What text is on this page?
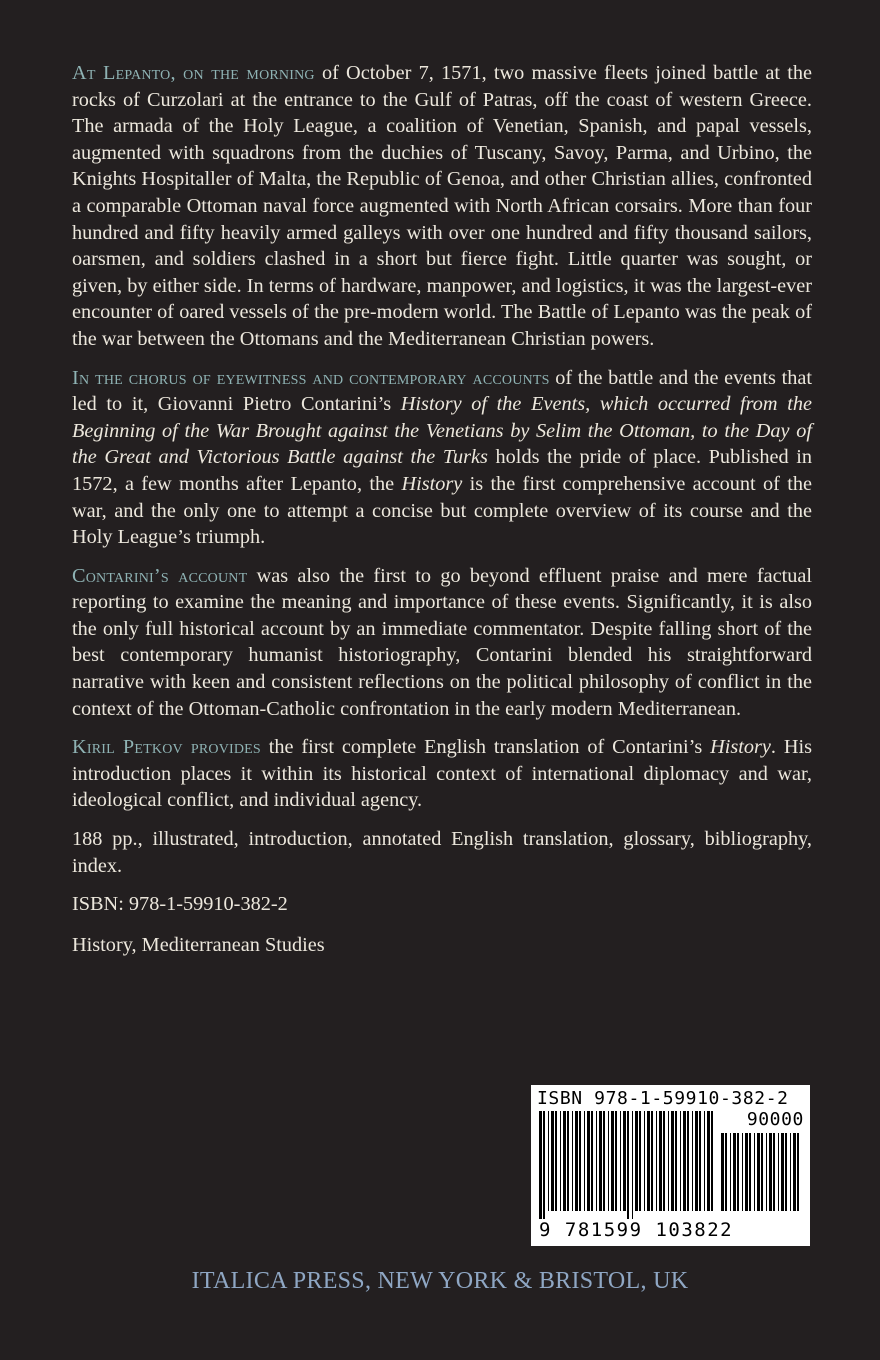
At Lepanto, on the morning of October 7, 1571, two massive fleets joined battle at the rocks of Curzolari at the entrance to the Gulf of Patras, off the coast of western Greece. The armada of the Holy League, a coalition of Venetian, Spanish, and papal vessels, augmented with squadrons from the duchies of Tuscany, Savoy, Parma, and Urbino, the Knights Hospitaller of Malta, the Republic of Genoa, and other Christian allies, confronted a comparable Ottoman naval force augmented with North African corsairs. More than four hundred and fifty heavily armed galleys with over one hundred and fifty thousand sailors, oarsmen, and soldiers clashed in a short but fierce fight. Little quarter was sought, or given, by either side. In terms of hardware, manpower, and logistics, it was the largest-ever encounter of oared vessels of the pre-modern world. The Battle of Lepanto was the peak of the war between the Ottomans and the Mediterranean Christian powers.

In the chorus of eyewitness and contemporary accounts of the battle and the events that led to it, Giovanni Pietro Contarini’s History of the Events, which occurred from the Beginning of the War Brought against the Venetians by Selim the Ottoman, to the Day of the Great and Victorious Battle against the Turks holds the pride of place. Published in 1572, a few months after Lepanto, the History is the first comprehensive account of the war, and the only one to attempt a concise but complete overview of its course and the Holy League’s triumph.

Contarini’s account was also the first to go beyond effluent praise and mere factual reporting to examine the meaning and importance of these events. Significantly, it is also the only full historical account by an immediate commentator. Despite falling short of the best contemporary humanist historiography, Contarini blended his straightforward narrative with keen and consistent reflections on the political philosophy of conflict in the context of the Ottoman-Catholic confrontation in the early modern Mediterranean.

Kiril Petkov provides the first complete English translation of Contarini’s History. His introduction places it within its historical context of international diplomacy and war, ideological conflict, and individual agency.

188 pp., illustrated, introduction, annotated English translation, glossary, bibliography, index.

ISBN: 978-1-59910-382-2

History, Mediterranean Studies

ISBN 978-1-59910-382-2
90000
9 781599 103822
ITALICA PRESS, NEW YORK & BRISTOL, UK
